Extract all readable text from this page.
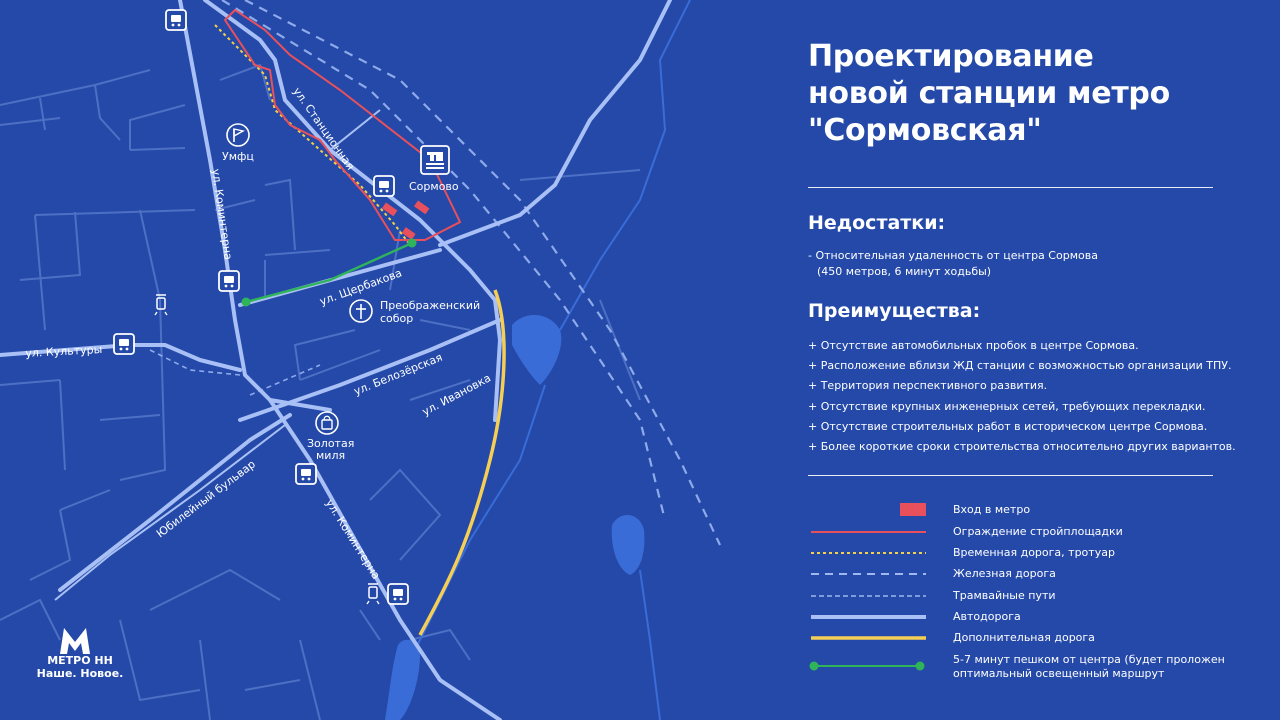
Умфц
Сормово
Преображенский
собор
Золотая
миля
ул. Станционная
ул. Коминтерна
ул. Щербакова
ул. Культуры	ул. Белозёрская
ул. Ивановка
Юбилейный бульвар	ул. Коминтерна
МЕТРО НН
Наше. Новое.
Проектирование
новой станции метро
"Сормовская"
Недостатки:
- Относительная удаленность от центра Сормова
(450 метров, 6 минут ходьбы)
Преимущества:
+ Отсутствие автомобильных пробок в центре Сормова.
+ Расположение вблизи ЖД станции с возможностью организации ТПУ.
+ Территория перспективного развития.
+ Отсутствие крупных инженерных сетей, требующих перекладки.
+ Отсутствие строительных работ в историческом центре Сормова.
+ Более короткие сроки строительства относительно других вариантов.
Вход в метро
Ограждение стройплощадки
Временная дорога, тротуар
Железная дорога
Трамвайные пути
Автодорога
Дополнительная дорога
5-7 минут пешком от центра (будет проложен
оптимальный освещенный маршрут
